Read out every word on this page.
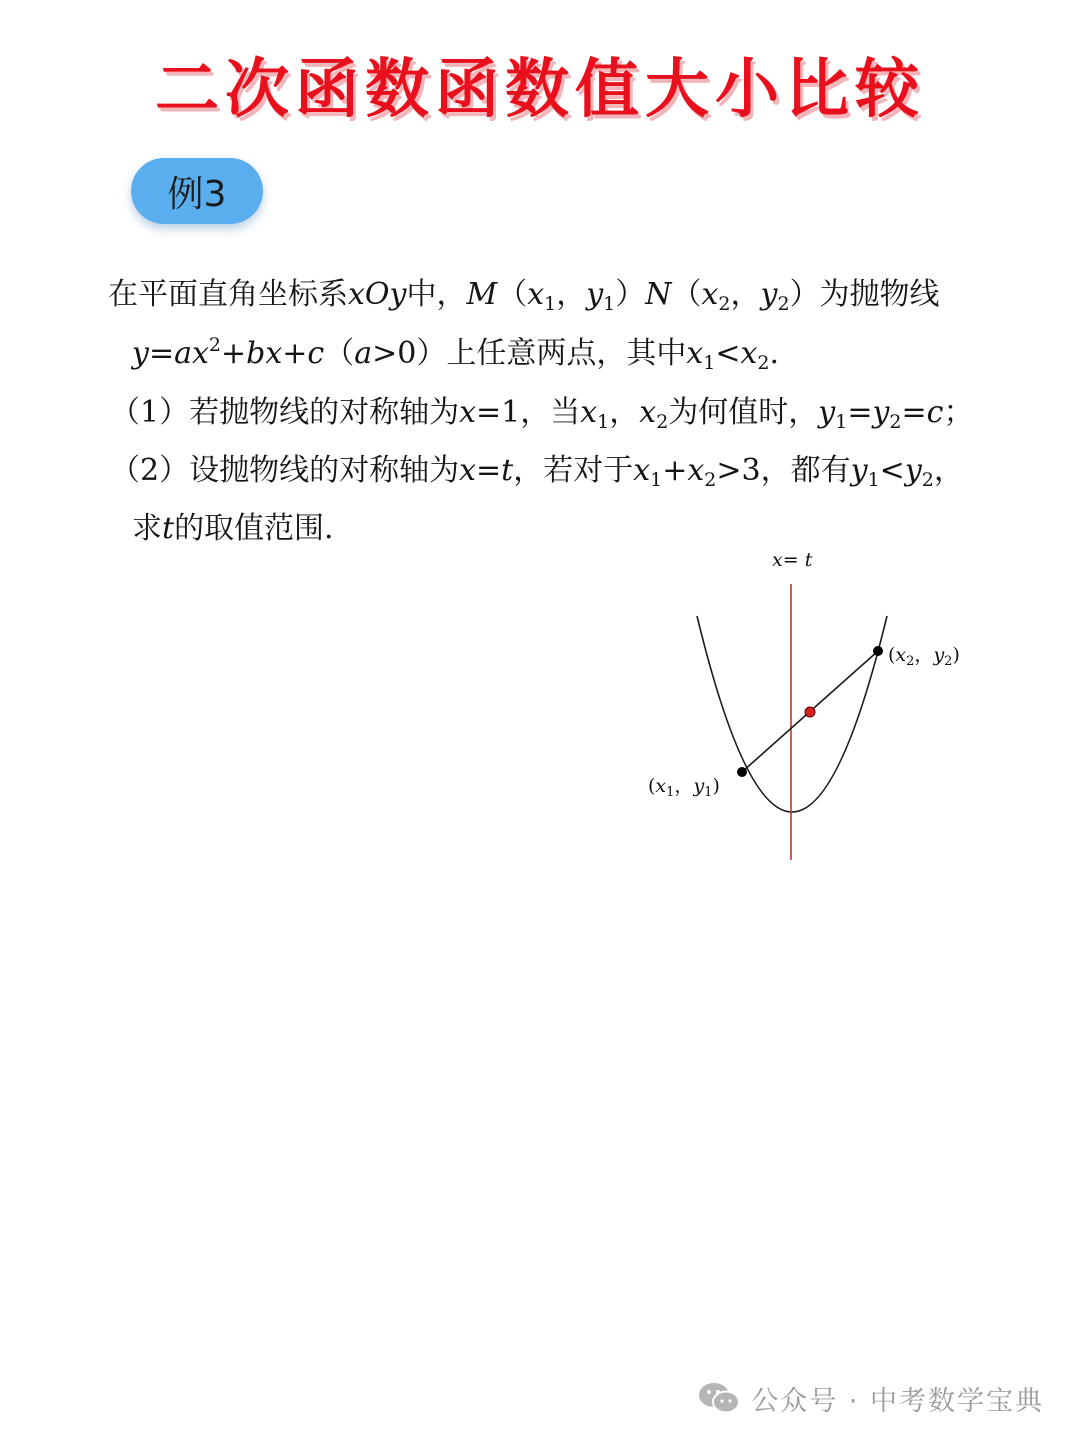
二次函数函数值大小比较
例3
在平面直角坐标系xOy中，$M(x_1$，$y_1)N(x_2$，$y_2$）为抛物线
$y=ax^2+bx+c(a>0)$上任意两点，其中$x_1<x_2$.
（1）若抛物线的对称轴为x=1，当$x_1$，$x_2$为何值时，$y_1=y_2=c$；
（2）设抛物线的对称轴为x=t，若对于$x_1+x_2>3$，都有$y_1<y_2$，
求t的取值范围.
x= t
($x_2$，$y_2$)
($x_1$，$y_1$)
公众号 · 中考数学宝典
